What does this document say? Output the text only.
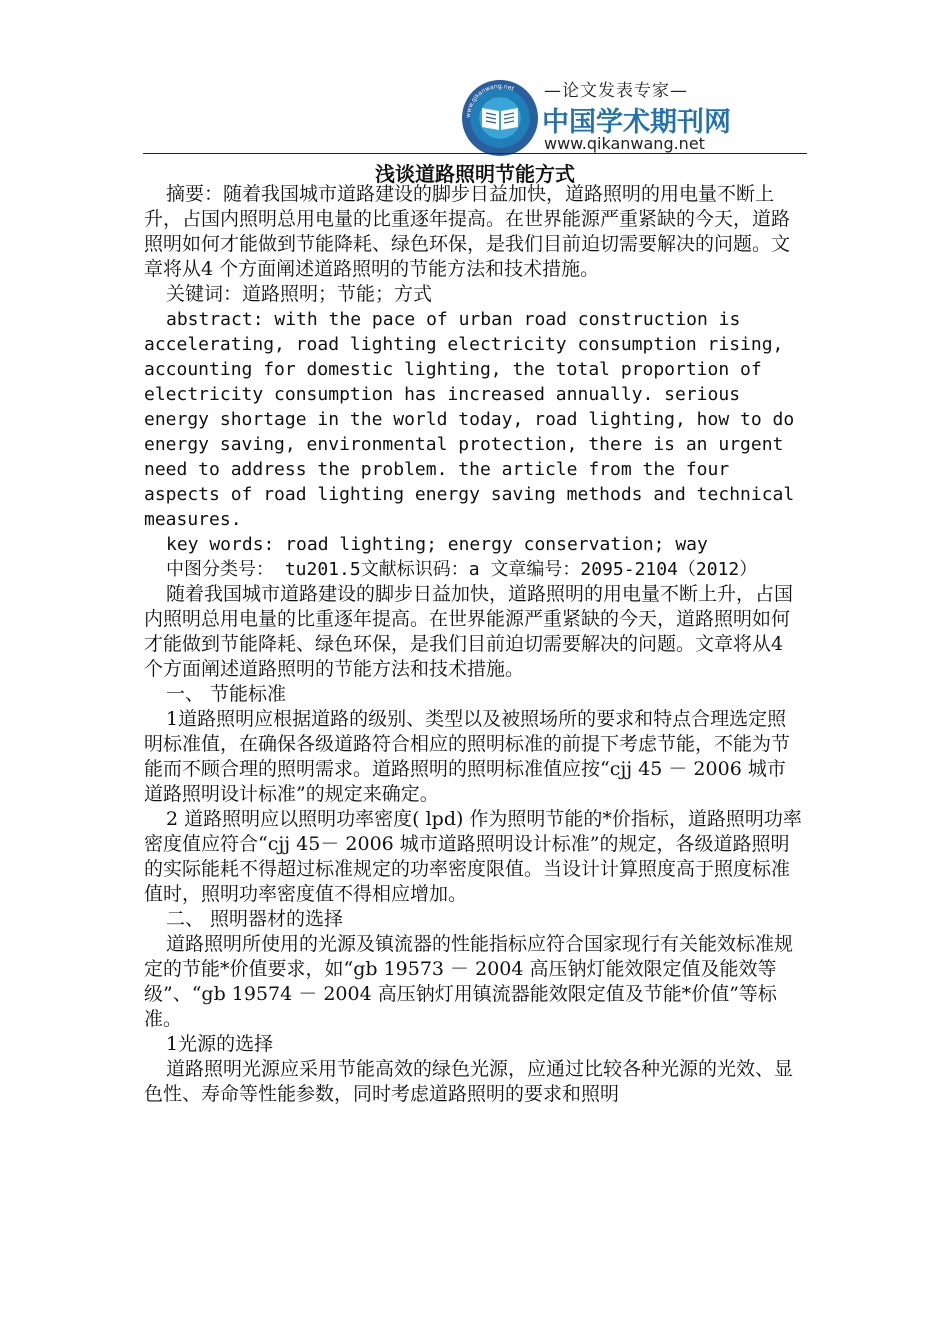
www.qikanwang.net —论文发表专家—
中国学术期刊网
www.qikanwang.net
浅谈道路照明节能方式

摘要：随着我国城市道路建设的脚步日益加快，道路照明的用电量不断上升，占国内照明总用电量的比重逐年提高。在世界能源严重紧缺的今天，道路照明如何才能做到节能降耗、绿色环保，是我们目前迫切需要解决的问题。文章将从4 个方面阐述道路照明的节能方法和技术措施。

关键词：道路照明；节能；方式

abstract: with the pace of urban road construction is accelerating, road lighting electricity consumption rising, accounting for domestic lighting, the total proportion of electricity consumption has increased annually. serious energy shortage in the world today, road lighting, how to do energy saving, environmental protection, there is an urgent need to address the problem. the article from the four aspects of road lighting energy saving methods and technical measures.

key words: road lighting; energy conservation; way

中图分类号： tu201.5文献标识码：a 文章编号：2095-2104（2012）

随着我国城市道路建设的脚步日益加快，道路照明的用电量不断上升，占国内照明总用电量的比重逐年提高。在世界能源严重紧缺的今天，道路照明如何才能做到节能降耗、绿色环保，是我们目前迫切需要解决的问题。文章将从4 个方面阐述道路照明的节能方法和技术措施。

一、 节能标准

1道路照明应根据道路的级别、类型以及被照场所的要求和特点合理选定照明标准值，在确保各级道路符合相应的照明标准的前提下考虑节能，不能为节能而不顾合理的照明需求。道路照明的照明标准值应按“cjj 45 － 2006 城市道路照明设计标准”的规定来确定。

2 道路照明应以照明功率密度( lpd) 作为照明节能的*价指标，道路照明功率密度值应符合“cjj 45－ 2006 城市道路照明设计标准”的规定，各级道路照明的实际能耗不得超过标准规定的功率密度限值。当设计计算照度高于照度标准值时，照明功率密度值不得相应增加。

二、 照明器材的选择

道路照明所使用的光源及镇流器的性能指标应符合国家现行有关能效标准规定的节能*价值要求，如“gb 19573 － 2004 高压钠灯能效限定值及能效等级”、“gb 19574 － 2004 高压钠灯用镇流器能效限定值及节能*价值”等标准。

1光源的选择

道路照明光源应采用节能高效的绿色光源，应通过比较各种光源的光效、显色性、寿命等性能参数，同时考虑道路照明的要求和照明
